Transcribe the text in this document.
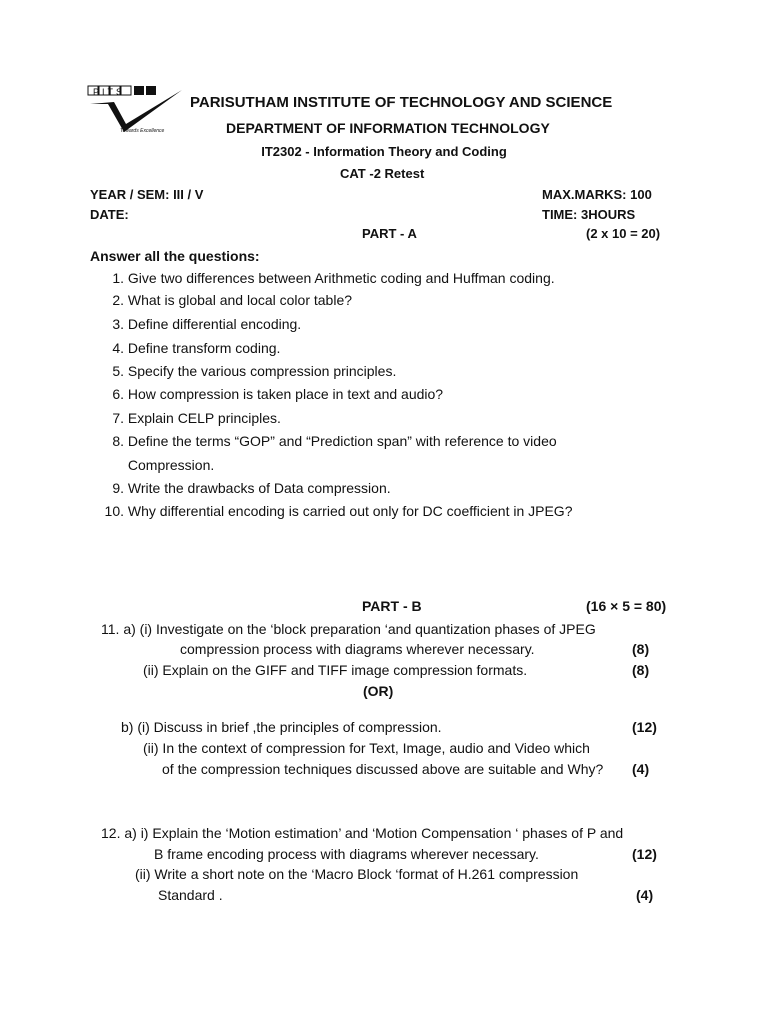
PITS
Towards Excellence
PARISUTHAM INSTITUTE OF TECHNOLOGY AND SCIENCE
DEPARTMENT OF INFORMATION TECHNOLOGY
IT2302 - Information Theory and Coding
CAT -2 Retest
YEAR / SEM: III / V	MAX.MARKS: 100
DATE:	TIME: 3HOURS
PART - A	(2 x 10 = 20)
Answer all the questions:
1. Give two differences between Arithmetic coding and Huffman coding.
2. What is global and local color table?
3. Define differential encoding.
4. Define transform coding.
5. Specify the various compression principles.
6. How compression is taken place in text and audio?
7. Explain CELP principles.
8. Define the terms “GOP” and “Prediction span” with reference to video
Compression.
9. Write the drawbacks of Data compression.
10. Why differential encoding is carried out only for DC coefficient in JPEG?
PART - B	(16 × 5 = 80)
11. a) (i) Investigate on the ‘block preparation ‘and quantization phases of JPEG
compression process with diagrams wherever necessary.	(8)
(ii) Explain on the GIFF and TIFF image compression formats.	(8)
(OR)
b) (i) Discuss in brief ,the principles of compression.	(12)
(ii) In the context of compression for Text, Image, audio and Video which
of the compression techniques discussed above are suitable and Why? (4)
12. a) i) Explain the ‘Motion estimation’ and ‘Motion Compensation ‘ phases of P and
B frame encoding process with diagrams wherever necessary.	(12)
(ii) Write a short note on the ‘Macro Block ‘format of H.261 compression
Standard .	(4)
